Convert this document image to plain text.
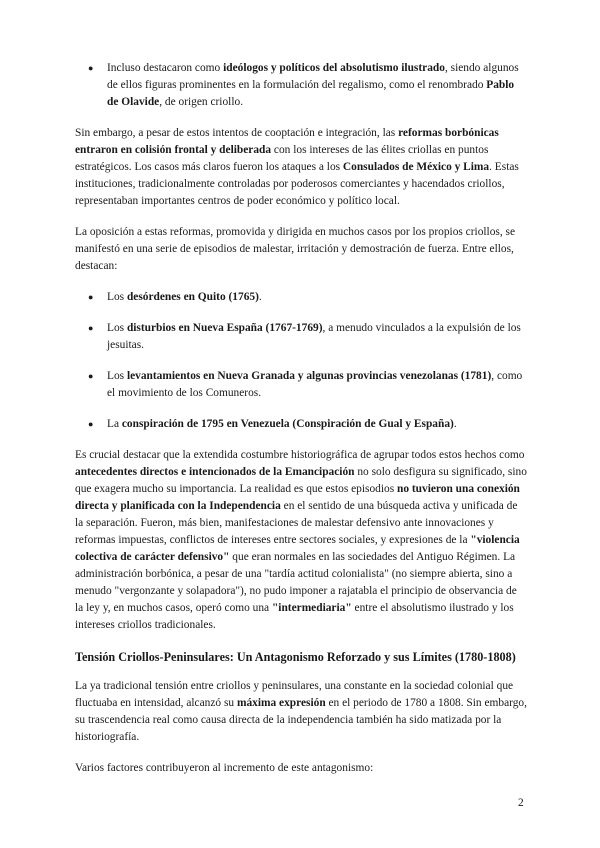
● Incluso destacaron como ideólogos y políticos del absolutismo ilustrado, siendo algunos de ellos figuras prominentes en la formulación del regalismo, como el renombrado Pablo de Olavide, de origen criollo.

Sin embargo, a pesar de estos intentos de cooptación e integración, las reformas borbónicas entraron en colisión frontal y deliberada con los intereses de las élites criollas en puntos estratégicos. Los casos más claros fueron los ataques a los Consulados de México y Lima. Estas instituciones, tradicionalmente controladas por poderosos comerciantes y hacendados criollos, representaban importantes centros de poder económico y político local.

La oposición a estas reformas, promovida y dirigida en muchos casos por los propios criollos, se manifestó en una serie de episodios de malestar, irritación y demostración de fuerza. Entre ellos, destacan:

● Los desórdenes en Quito (1765).
● Los disturbios en Nueva España (1767-1769), a menudo vinculados a la expulsión de los jesuitas.
● Los levantamientos en Nueva Granada y algunas provincias venezolanas (1781), como el movimiento de los Comuneros.
● La conspiración de 1795 en Venezuela (Conspiración de Gual y España).

Es crucial destacar que la extendida costumbre historiográfica de agrupar todos estos hechos como antecedentes directos e intencionados de la Emancipación no solo desfigura su significado, sino que exagera mucho su importancia. La realidad es que estos episodios no tuvieron una conexión directa y planificada con la Independencia en el sentido de una búsqueda activa y unificada de la separación. Fueron, más bien, manifestaciones de malestar defensivo ante innovaciones y reformas impuestas, conflictos de intereses entre sectores sociales, y expresiones de la "violencia colectiva de carácter defensivo" que eran normales en las sociedades del Antiguo Régimen. La administración borbónica, a pesar de una "tardía actitud colonialista" (no siempre abierta, sino a menudo "vergonzante y solapadora"), no pudo imponer a rajatabla el principio de observancia de la ley y, en muchos casos, operó como una "intermediaria" entre el absolutismo ilustrado y los intereses criollos tradicionales.

Tensión Criollos-Peninsulares: Un Antagonismo Reforzado y sus Límites (1780-1808)

La ya tradicional tensión entre criollos y peninsulares, una constante en la sociedad colonial que fluctuaba en intensidad, alcanzó su máxima expresión en el periodo de 1780 a 1808. Sin embargo, su trascendencia real como causa directa de la independencia también ha sido matizada por la historiografía.

Varios factores contribuyeron al incremento de este antagonismo:

2
